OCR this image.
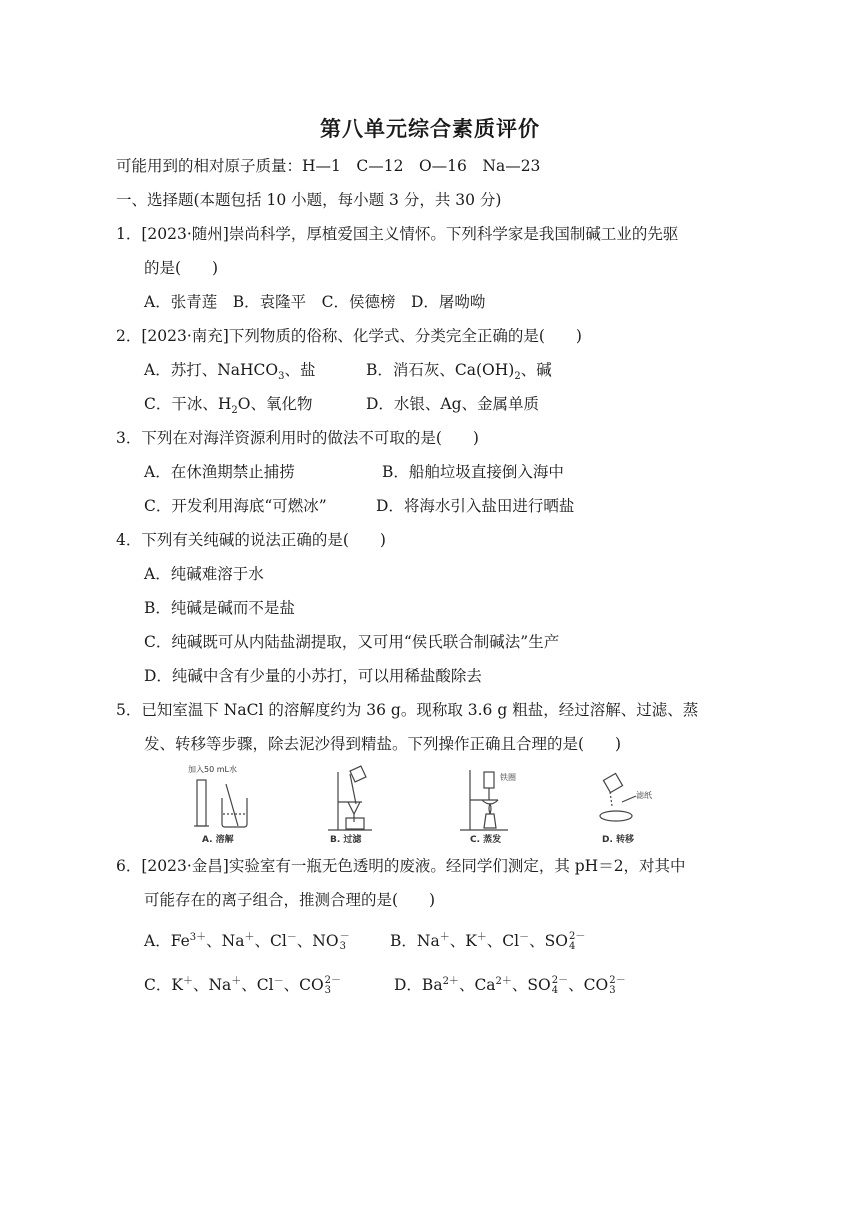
第八单元综合素质评价
可能用到的相对原子质量：H—1　C—12　O—16　Na—23
一、选择题(本题包括 10 小题，每小题 3 分，共 30 分)
1．[2023·随州]崇尚科学，厚植爱国主义情怀。下列科学家是我国制碱工业的先驱
的是(　　)
A．张青莲　B．袁隆平　C．侯德榜　D．屠呦呦
2．[2023·南充]下列物质的俗称、化学式、分类完全正确的是(　　)
A．苏打、NaHCO$_3$、盐	B．消石灰、$Ca(OH)_2$、碱
C．干冰、$H_2O$、氧化物	D．水银、Ag、金属单质
3．下列在对海洋资源利用时的做法不可取的是(　　)
A．在休渔期禁止捕捞	B．船舶垃圾直接倒入海中
C．开发利用海底“可燃冰”	D．将海水引入盐田进行晒盐
4．下列有关纯碱的说法正确的是(　　)
A．纯碱难溶于水
B．纯碱是碱而不是盐
C．纯碱既可从内陆盐湖提取，又可用“侯氏联合制碱法”生产
D．纯碱中含有少量的小苏打，可以用稀盐酸除去
5．已知室温下 NaCl 的溶解度约为 36 g。现称取 3.6 g 粗盐，经过溶解、过滤、蒸
发、转移等步骤，除去泥沙得到精盐。下列操作正确且合理的是(　　)
加入50 mL水
A. 溶解	B. 过滤
铁圈
C. 蒸发
滤纸
D. 转移
6．[2023·金昌]实验室有一瓶无色透明的废液。经同学们测定，其 pH＝2，对其中
可能存在的离子组合，推测合理的是(　　)
A．$Fe^{3+}$、Na＋、Cl－、NO －
3	B．Na＋、K＋、Cl－、SO 2－
4
C．K＋、Na＋、Cl－、CO 2－
3	D．$Ba^{2+}$、$Ca^{2+}$、SO 2－
4 、CO 2－
3
